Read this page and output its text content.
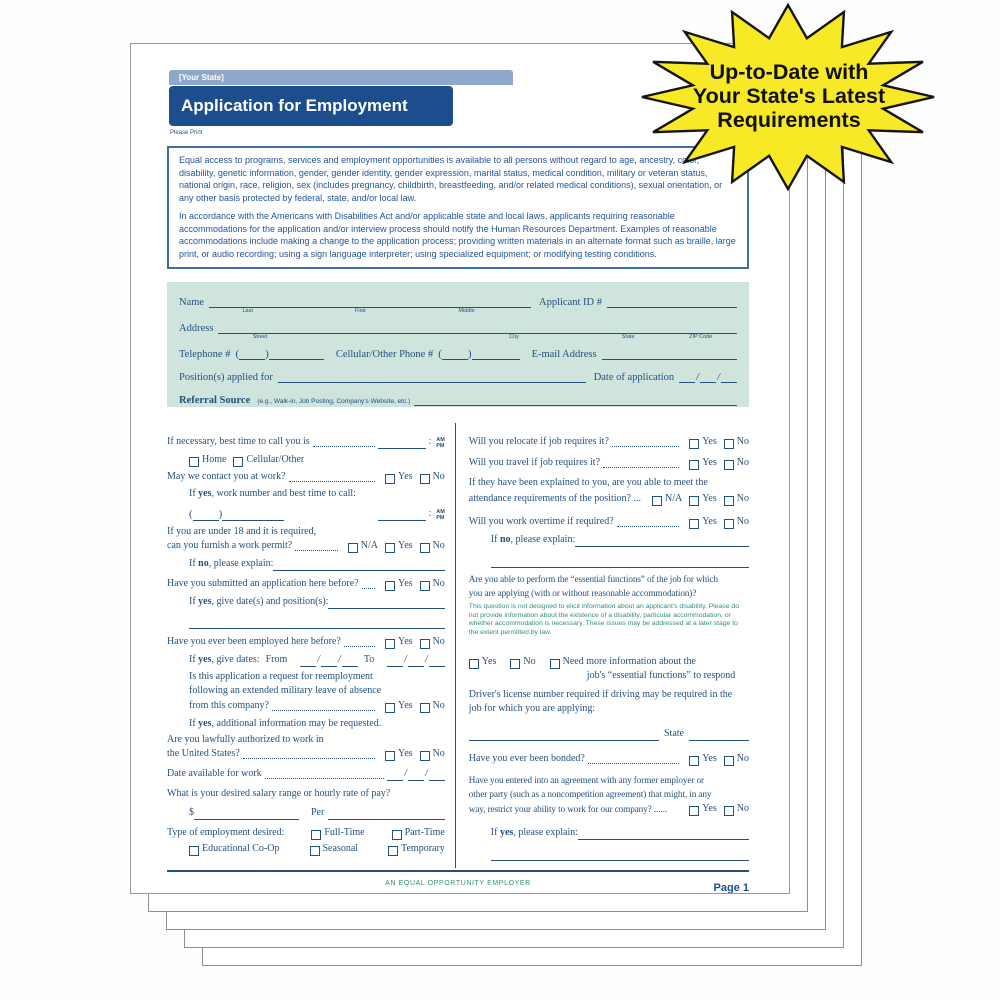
[Your State]
Application for Employment
Please Print

Equal access to programs, services and employment opportunities is available to all persons without regard to age, ancestry, color, disability, genetic information, gender, gender identity, gender expression, marital status, medical condition, military or veteran status, national origin, race, religion, sex (includes pregnancy, childbirth, breastfeeding, and/or related medical conditions), sexual orientation, or any other basis protected by federal, state, and/or local law.

In accordance with the Americans with Disabilities Act and/or applicable state and local laws, applicants requiring reasonable accommodations for the application and/or interview process should notify the Human Resources Department. Examples of reasonable accommodations include making a change to the application process; providing written materials in an alternate format such as braille, large print, or audio recording; using a sign language interpreter; using specialized equipment; or modifying testing conditions.

Name
Last	First	Middle
Applicant ID #
Address
Street	City	State	ZIP Code
Telephone # ( )	Cellular/Other Phone # ( )	E-mail Address
Position(s) applied for	Date of application / /
Referral Source (e.g., Walk-in, Job Posting, Company's Website, etc.)
If necessary, best time to call you is	: AM
PM
Home Cellular/Other
May we contact you at work?	Yes No
If yes, work number and best time to call:
( )	: AM
PM
If you are under 18 and it is required,
can you furnish a work permit?	N/A Yes No
If no, please explain:
Have you submitted an application here before?	Yes No
If yes, give date(s) and position(s):
Have you ever been employed here before?	Yes No
If yes, give dates: From	/ / To	/ /
Is this application a request for reemployment
following an extended military leave of absence
from this company?	Yes No
If yes, additional information may be requested.
Are you lawfully authorized to work in
the United States?	Yes No
Date available for work	/ /
What is your desired salary range or hourly rate of pay?
$	Per
Type of employment desired:	Full-Time	Part-Time
Educational Co-Op	Seasonal	Temporary
Will you relocate if job requires it?	Yes No
Will you travel if job requires it?	Yes No
If they have been explained to you, are you able to meet the
attendance requirements of the position? ... N/A Yes No
Will you work overtime if required?	Yes No
If no, please explain:
Are you able to perform the “essential functions” of the job for which
you are applying (with or without reasonable accommodation)?
This question is not designed to elicit information about an applicant's disability. Please do not provide information about the existence of a disability, particular accommodation, or whether accommodation is necessary. These issues may be addressed at a later stage to the extent permitted by law.
Yes	No	Need more information about the
job's “essential functions” to respond
Driver's license number required if driving may be required in the
job for which you are applying:
State
Have you ever been bonded?	Yes No
Have you entered into an agreement with any former employer or
other party (such as a noncompetition agreement) that might, in any
way, restrict your ability to work for our company? ......	Yes No
If yes, please explain:
AN EQUAL OPPORTUNITY EMPLOYER	Page 1
Up-to-Date with
Your State's Latest
Requirements
